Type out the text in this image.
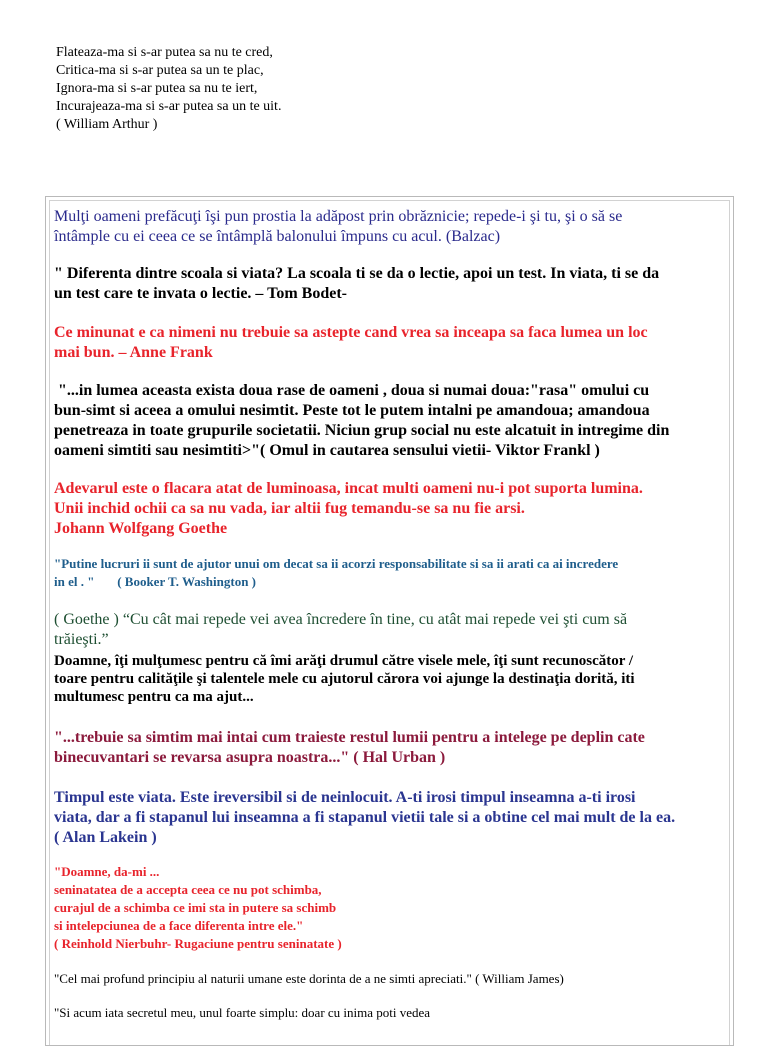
Flateaza-ma si s-ar putea sa nu te cred,
Critica-ma si s-ar putea sa un te plac,
Ignora-ma si s-ar putea sa nu te iert,
Incurajeaza-ma si s-ar putea sa un te uit.
( William Arthur )

Mulţi oameni prefăcuţi îşi pun prostia la adăpost prin obrăznicie; repede-i şi tu, şi o să se
întâmple cu ei ceea ce se întâmplă balonului împuns cu acul. (Balzac)

" Diferenta dintre scoala si viata? La scoala ti se da o lectie, apoi un test. In viata, ti se da
un test care te invata o lectie. – Tom Bodet-

Ce minunat e ca nimeni nu trebuie sa astepte cand vrea sa inceapa sa faca lumea un loc
mai bun. – Anne Frank

"...in lumea aceasta exista doua rase de oameni , doua si numai doua:"rasa" omului cu
bun-simt si aceea a omului nesimtit. Peste tot le putem intalni pe amandoua; amandoua
penetreaza in toate grupurile societatii. Niciun grup social nu este alcatuit in intregime din
oameni simtiti sau nesimtiti>"( Omul in cautarea sensului vietii- Viktor Frankl )

Adevarul este o flacara atat de luminoasa, incat multi oameni nu-i pot suporta lumina.
Unii inchid ochii ca sa nu vada, iar altii fug temandu-se sa nu fie arsi.
Johann Wolfgang Goethe

"Putine lucruri ii sunt de ajutor unui om decat sa ii acorzi responsabilitate si sa ii arati ca ai incredere
in el . "       ( Booker T. Washington )

( Goethe ) “Cu cât mai repede vei avea încredere în tine, cu atât mai repede vei şti cum să
trăieşti.”

Doamne, îţi mulţumesc pentru că îmi arăţi drumul către visele mele, îţi sunt recunoscător /
toare pentru calităţile şi talentele mele cu ajutorul cărora voi ajunge la destinaţia dorită, iti
multumesc pentru ca ma ajut...

"...trebuie sa simtim mai intai cum traieste restul lumii pentru a intelege pe deplin cate
binecuvantari se revarsa asupra noastra..." ( Hal Urban )

Timpul este viata. Este ireversibil si de neinlocuit. A-ti irosi timpul inseamna a-ti irosi
viata, dar a fi stapanul lui inseamna a fi stapanul vietii tale si a obtine cel mai mult de la ea.
( Alan Lakein )

"Doamne, da-mi ...
seninatatea de a accepta ceea ce nu pot schimba,
curajul de a schimba ce imi sta in putere sa schimb
si intelepciunea de a face diferenta intre ele."
( Reinhold Nierbuhr- Rugaciune pentru seninatate )

"Cel mai profund principiu al naturii umane este dorinta de a ne simti apreciati." ( William James)

"Si acum iata secretul meu, unul foarte simplu: doar cu inima poti vedea
